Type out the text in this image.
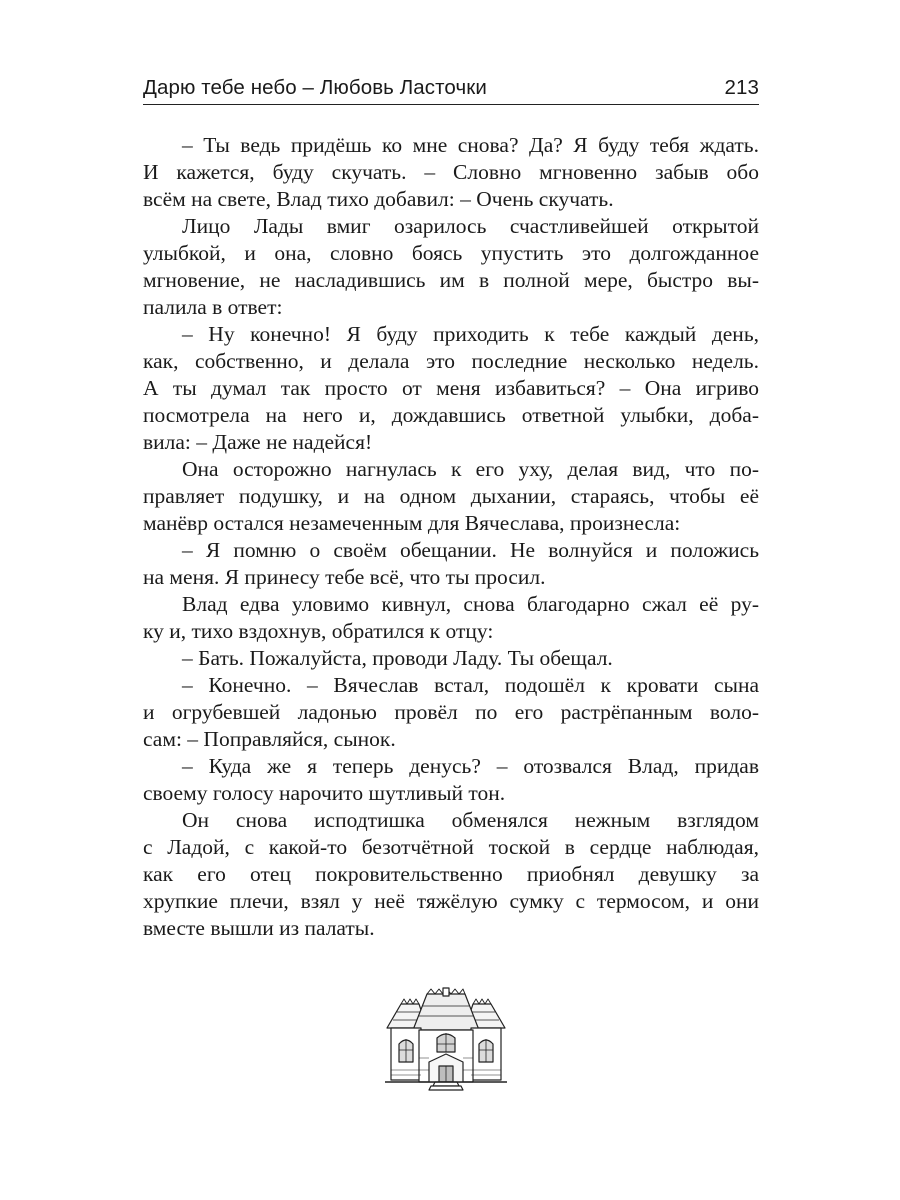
Дарю тебе небо – Любовь Ласточки	213

– Ты ведь придёшь ко мне снова? Да? Я буду тебя ждать.
И кажется, буду скучать. – Словно мгновенно забыв обо
всём на свете, Влад тихо добавил: – Очень скучать.

Лицо Лады вмиг озарилось счастливейшей открытой
улыбкой, и она, словно боясь упустить это долгожданное
мгновение, не насладившись им в полной мере, быстро вы-
палила в ответ:

– Ну конечно! Я буду приходить к тебе каждый день,
как, собственно, и делала это последние несколько недель.
А ты думал так просто от меня избавиться? – Она игриво
посмотрела на него и, дождавшись ответной улыбки, доба-
вила: – Даже не надейся!

Она осторожно нагнулась к его уху, делая вид, что по-
правляет подушку, и на одном дыхании, стараясь, чтобы её
манёвр остался незамеченным для Вячеслава, произнесла:

– Я помню о своём обещании. Не волнуйся и положись
на меня. Я принесу тебе всё, что ты просил.

Влад едва уловимо кивнул, снова благодарно сжал её ру-
ку и, тихо вздохнув, обратился к отцу:

– Бать. Пожалуйста, проводи Ладу. Ты обещал.

– Конечно. – Вячеслав встал, подошёл к кровати сына
и огрубевшей ладонью провёл по его растрёпанным воло-
сам: – Поправляйся, сынок.

– Куда же я теперь денусь? – отозвался Влад, придав
своему голосу нарочито шутливый тон.

Он снова исподтишка обменялся нежным взглядом
с Ладой, с какой-то безотчётной тоской в сердце наблюдая,
как его отец покровительственно приобнял девушку за
хрупкие плечи, взял у неё тяжёлую сумку с термосом, и они
вместе вышли из палаты.
